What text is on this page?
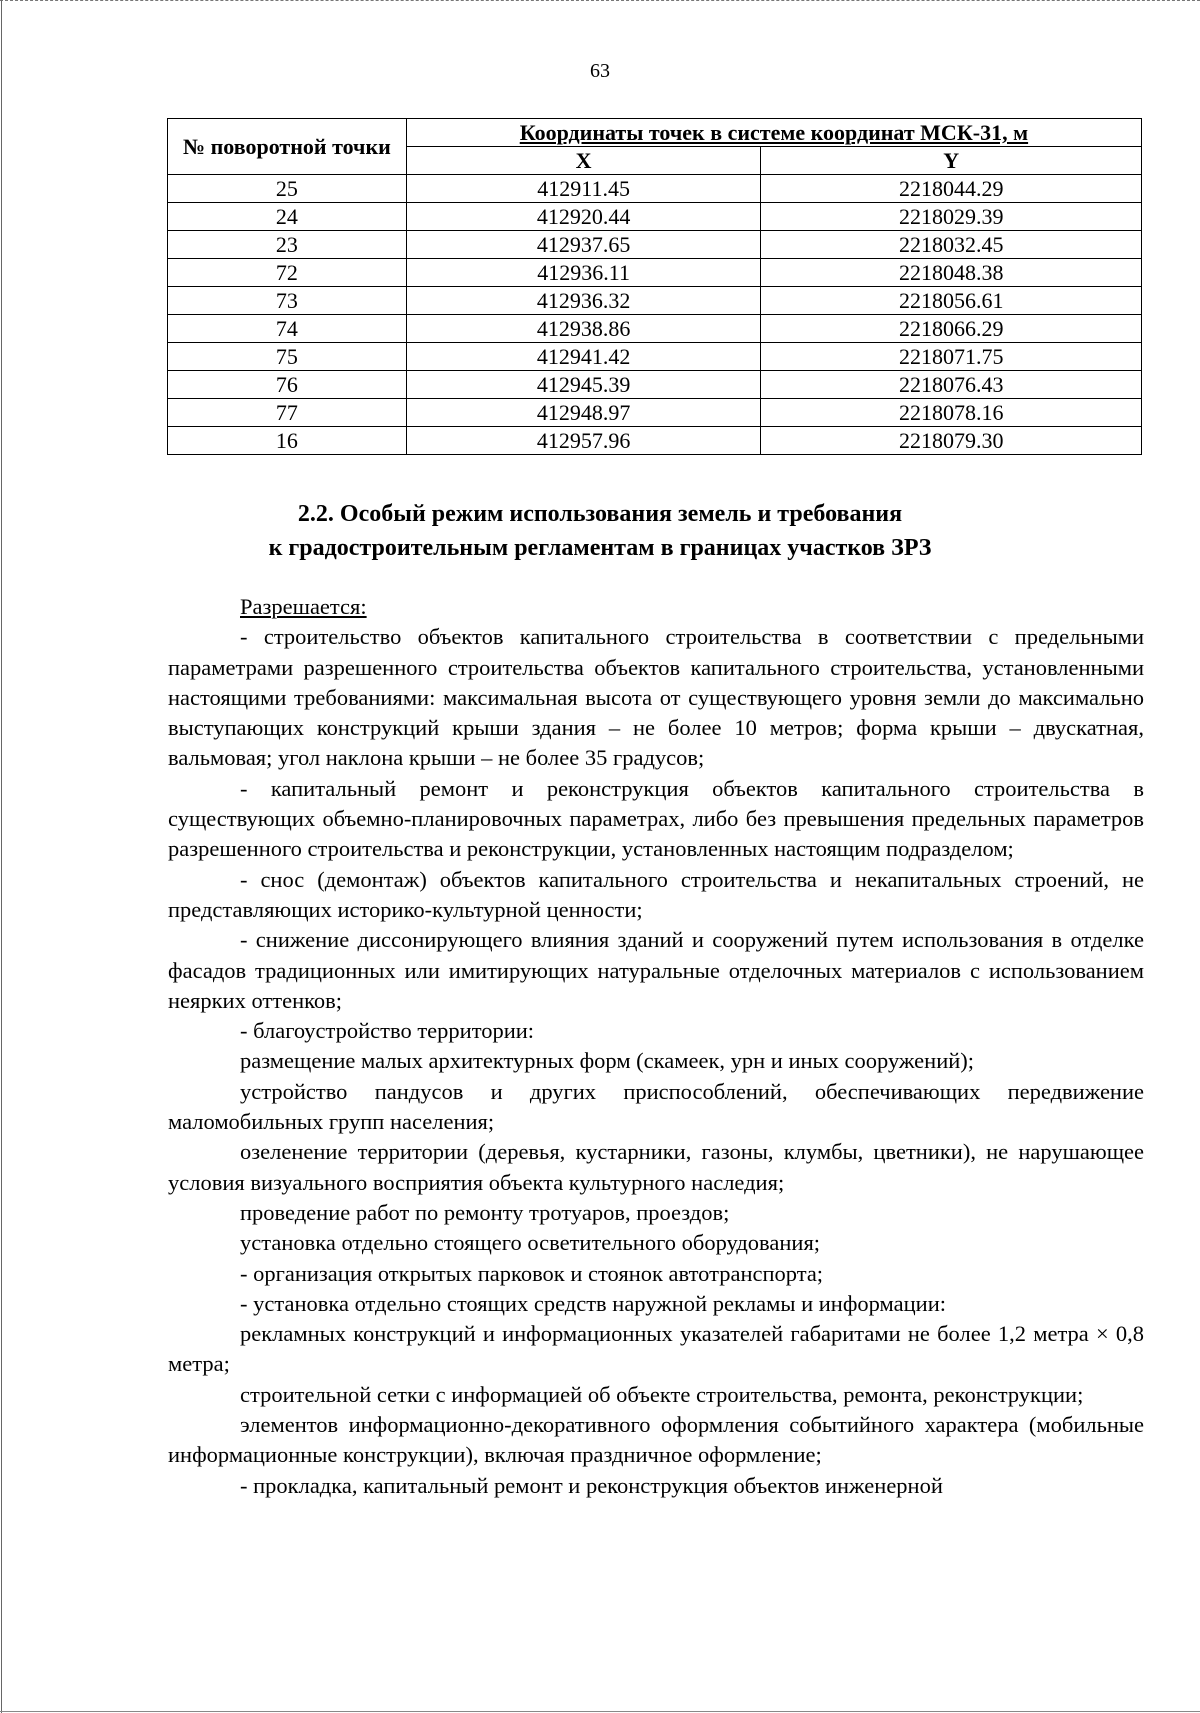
63
№ поворотной точки	Координаты точек в системе координат МСК-31, м	
	X	Y
25	412911.45	2218044.29
24	412920.44	2218029.39
23	412937.65	2218032.45
72	412936.11	2218048.38
73	412936.32	2218056.61
74	412938.86	2218066.29
75	412941.42	2218071.75
76	412945.39	2218076.43
77	412948.97	2218078.16
16	412957.96	2218079.30
2.2. Особый режим использования земель и требования
к градостроительным регламентам в границах участков ЗРЗ

Разрешается:

- строительство объектов капитального строительства в соответствии с предельными параметрами разрешенного строительства объектов капитального строительства, установленными настоящими требованиями: максимальная высота от существующего уровня земли до максимально выступающих конструкций крыши здания – не более 10 метров; форма крыши – двускатная, вальмовая; угол наклона крыши – не более 35 градусов;

- капитальный ремонт и реконструкция объектов капитального строительства в существующих объемно-планировочных параметрах, либо без превышения предельных параметров разрешенного строительства и реконструкции, установленных настоящим подразделом;

- снос (демонтаж) объектов капитального строительства и некапитальных строений, не представляющих историко-культурной ценности;

- снижение диссонирующего влияния зданий и сооружений путем использования в отделке фасадов традиционных или имитирующих натуральные отделочных материалов с использованием неярких оттенков;

- благоустройство территории:

размещение малых архитектурных форм (скамеек, урн и иных сооружений);

устройство пандусов и других приспособлений, обеспечивающих передвижение маломобильных групп населения;

озеленение территории (деревья, кустарники, газоны, клумбы, цветники), не нарушающее условия визуального восприятия объекта культурного наследия;

проведение работ по ремонту тротуаров, проездов;

установка отдельно стоящего осветительного оборудования;

- организация открытых парковок и стоянок автотранспорта;

- установка отдельно стоящих средств наружной рекламы и информации:

рекламных конструкций и информационных указателей габаритами не более 1,2 метра × 0,8 метра;

строительной сетки с информацией об объекте строительства, ремонта, реконструкции;

элементов информационно-декоративного оформления событийного характера (мобильные информационные конструкции), включая праздничное оформление;

- прокладка, капитальный ремонт и реконструкция объектов инженерной
